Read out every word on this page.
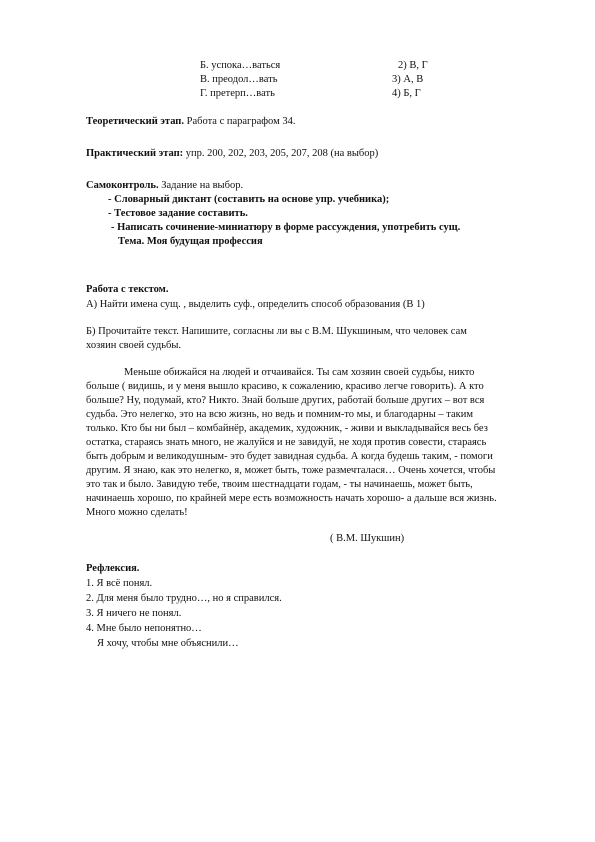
Б. успока…ваться	2) В, Г
В. преодол…вать	3) А, В
Г. претерп…вать	4) Б, Г
Теоретический этап. Работа с параграфом 34.
Практический этап: упр. 200, 202, 203, 205, 207, 208 (на выбор)
Самоконтроль. Задание на выбор.
- Словарный диктант (составить на основе упр. учебника);
- Тестовое задание составить.
- Написать сочинение-миниатюру в форме рассуждения, употребить сущ.
Тема. Моя будущая профессия
Работа с текстом.
А) Найти имена сущ. , выделить суф., определить способ образования (В 1)
Б) Прочитайте текст. Напишите, согласны ли вы с В.М. Шукшиным, что человек сам
хозяин своей судьбы.
Меньше обижайся на людей и отчаивайся. Ты сам хозяин своей судьбы, никто
больше ( видишь, и у меня вышло красиво, к сожалению, красиво легче говорить). А кто
больше? Ну, подумай, кто? Никто. Знай больше других, работай больше других – вот вся
судьба. Это нелегко, это на всю жизнь, но ведь и помним-то мы, и благодарны – таким
только. Кто бы ни был – комбайнёр, академик, художник, - живи и выкладывайся весь без
остатка, стараясь знать много, не жалуйся и не завидуй, не ходя против совести, стараясь
быть добрым и великодушным- это будет завидная судьба. А когда будешь таким, - помоги
другим. Я знаю, как это нелегко, я, может быть, тоже размечталася… Очень хочется, чтобы
это так и было. Завидую тебе, твоим шестнадцати годам, - ты начинаешь, может быть,
начинаешь хорошо, по крайней мере есть возможность начать хорошо- а дальше вся жизнь.
Много можно сделать!
( В.М. Шукшин)
Рефлексия.
1. Я всё понял.
2. Для меня было трудно…, но я справился.
3. Я ничего не понял.
4. Мне было непонятно…
Я хочу, чтобы мне объяснили…
